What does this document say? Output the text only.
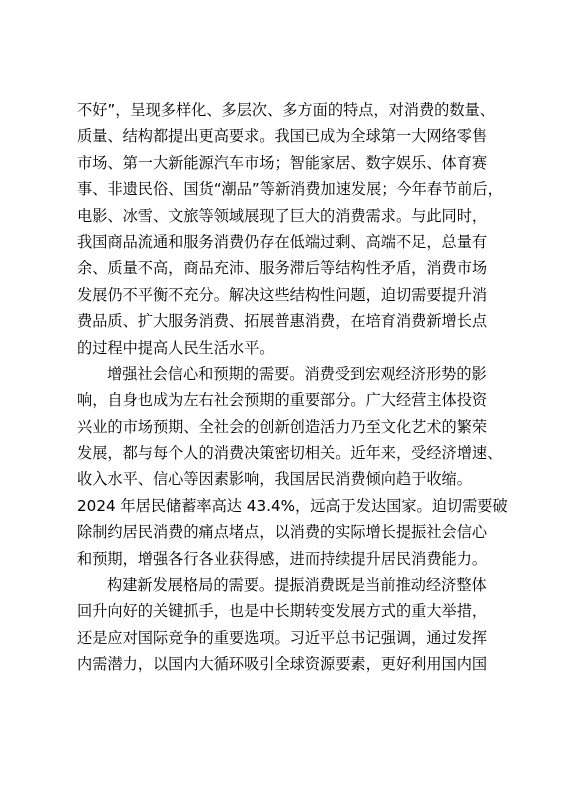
不好”，呈现多样化、多层次、多方面的特点，对消费的数量、
质量、结构都提出更高要求。我国已成为全球第一大网络零售
市场、第一大新能源汽车市场；智能家居、数字娱乐、体育赛
事、非遗民俗、国货“潮品”等新消费加速发展；今年春节前后，
电影、冰雪、文旅等领域展现了巨大的消费需求。与此同时，
我国商品流通和服务消费仍存在低端过剩、高端不足，总量有
余、质量不高，商品充沛、服务滞后等结构性矛盾，消费市场
发展仍不平衡不充分。解决这些结构性问题，迫切需要提升消
费品质、扩大服务消费、拓展普惠消费，在培育消费新增长点
的过程中提高人民生活水平。

增强社会信心和预期的需要。消费受到宏观经济形势的影
响，自身也成为左右社会预期的重要部分。广大经营主体投资
兴业的市场预期、全社会的创新创造活力乃至文化艺术的繁荣
发展，都与每个人的消费决策密切相关。近年来，受经济增速、
收入水平、信心等因素影响，我国居民消费倾向趋于收缩。
2024 年居民储蓄率高达 43.4%，远高于发达国家。迫切需要破
除制约居民消费的痛点堵点，以消费的实际增长提振社会信心
和预期，增强各行各业获得感，进而持续提升居民消费能力。

构建新发展格局的需要。提振消费既是当前推动经济整体
回升向好的关键抓手，也是中长期转变发展方式的重大举措，
还是应对国际竞争的重要选项。习近平总书记强调，通过发挥
内需潜力，以国内大循环吸引全球资源要素，更好利用国内国
